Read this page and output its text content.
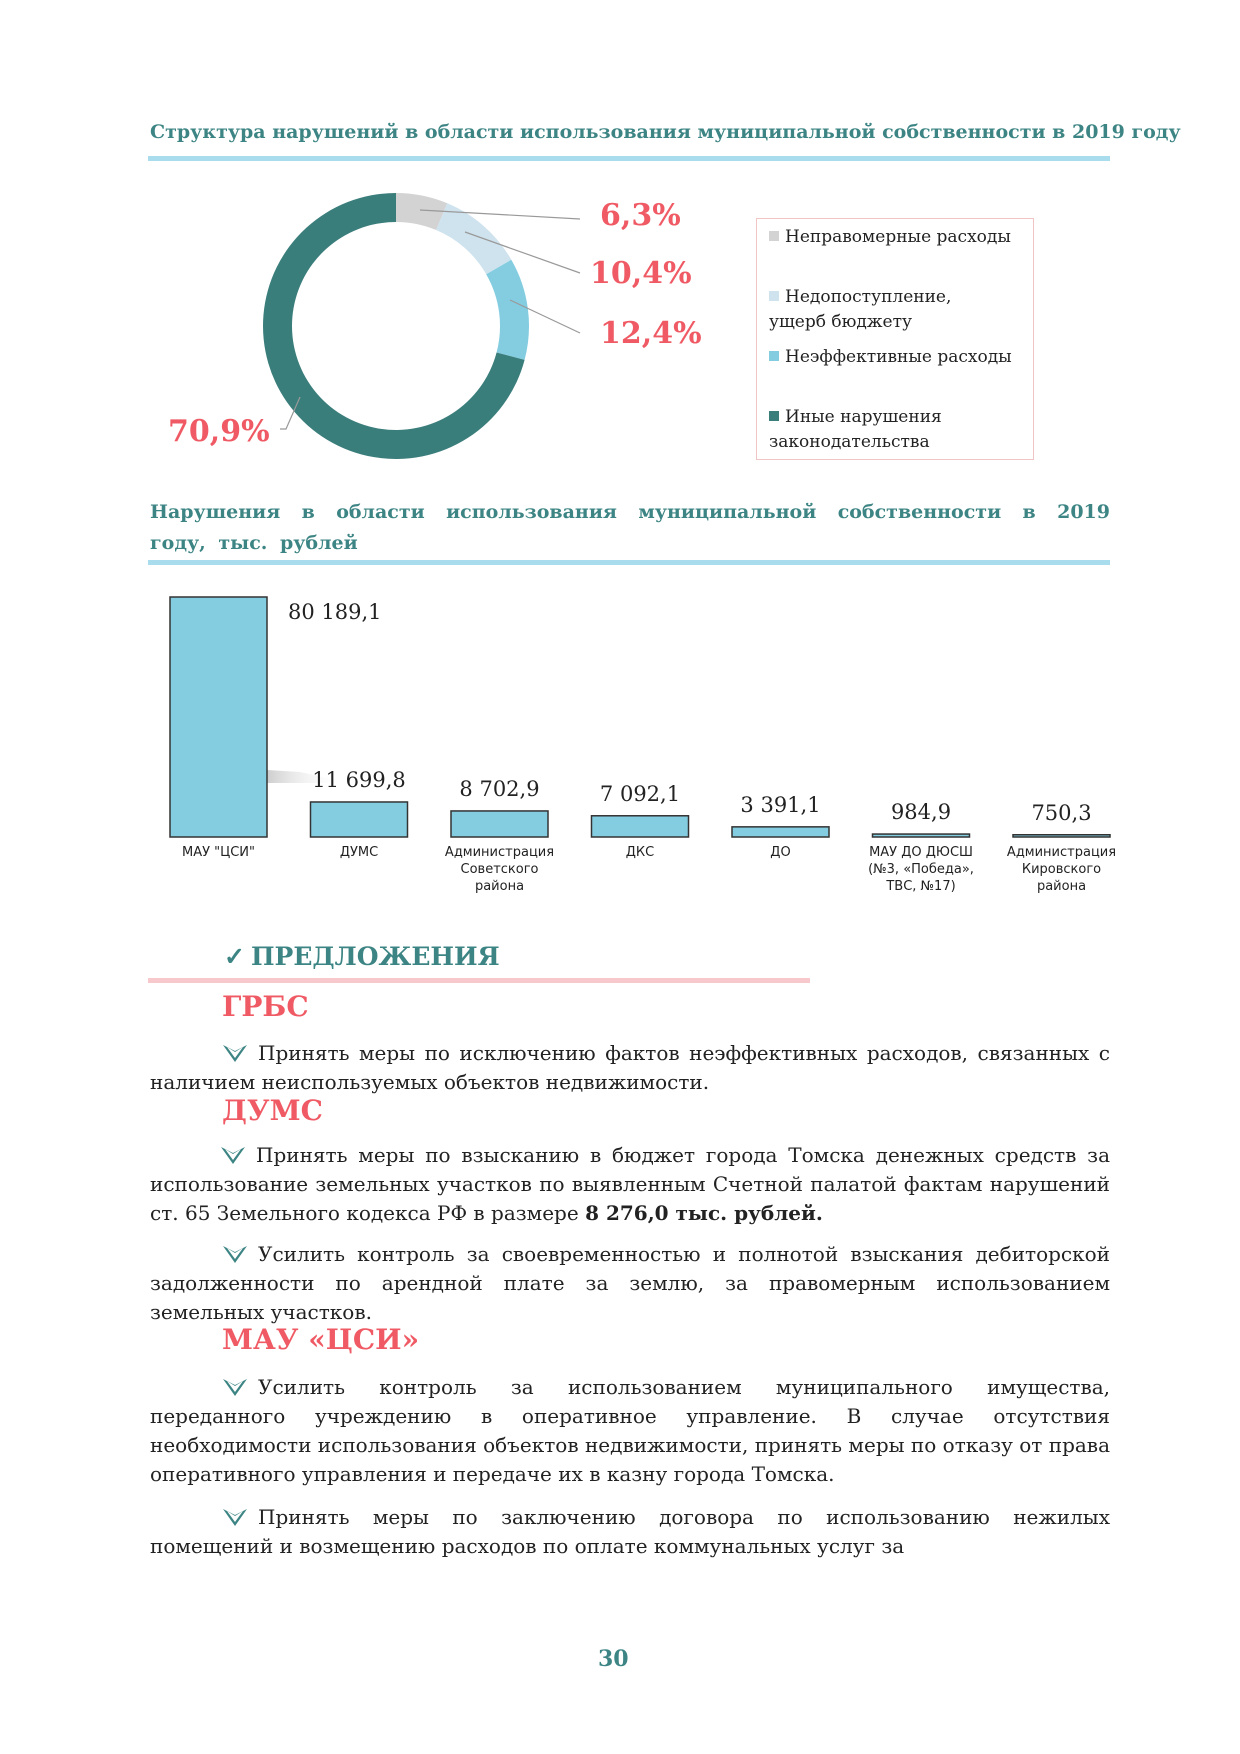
Структура нарушений в области использования муниципальной собственности в 2019 году
6,3%
10,4%
12,4%
70,9%
Неправомерные расходы
Недопоступление, ущерб бюджету
Неэффективные расходы
Иные нарушения законодательства
Нарушения в области использования муниципальной собственности в 2019 году, тыс. рублей
80 189,1
МАУ "ЦСИ"
11 699,8
ДУМС
8 702,9
Администрация
Советского
района
7 092,1
ДКС
3 391,1
ДО
984,9
МАУ ДО ДЮСШ
(№3, «Победа»,
ТВС, №17)
750,3
Администрация
Кировского
района
✓ ПРЕДЛОЖЕНИЯ
ГРБС
Принять меры по исключению фактов неэффективных расходов, связанных с наличием неиспользуемых объектов недвижимости.
ДУМС
Принять меры по взысканию в бюджет города Томска денежных средств за использование земельных участков по выявленным Счетной палатой фактам нарушений ст. 65 Земельного кодекса РФ в размере 8 276,0 тыс. рублей.
Усилить контроль за своевременностью и полнотой взыскания дебиторской задолженности по арендной плате за землю, за правомерным использованием земельных участков.
МАУ «ЦСИ»
Усилить контроль за использованием муниципального имущества, переданного учреждению в оперативное управление. В случае отсутствия необходимости использования объектов недвижимости, принять меры по отказу от права оперативного управления и передаче их в казну города Томска.
Принять меры по заключению договора по использованию нежилых помещений и возмещению расходов по оплате коммунальных услуг за
30
